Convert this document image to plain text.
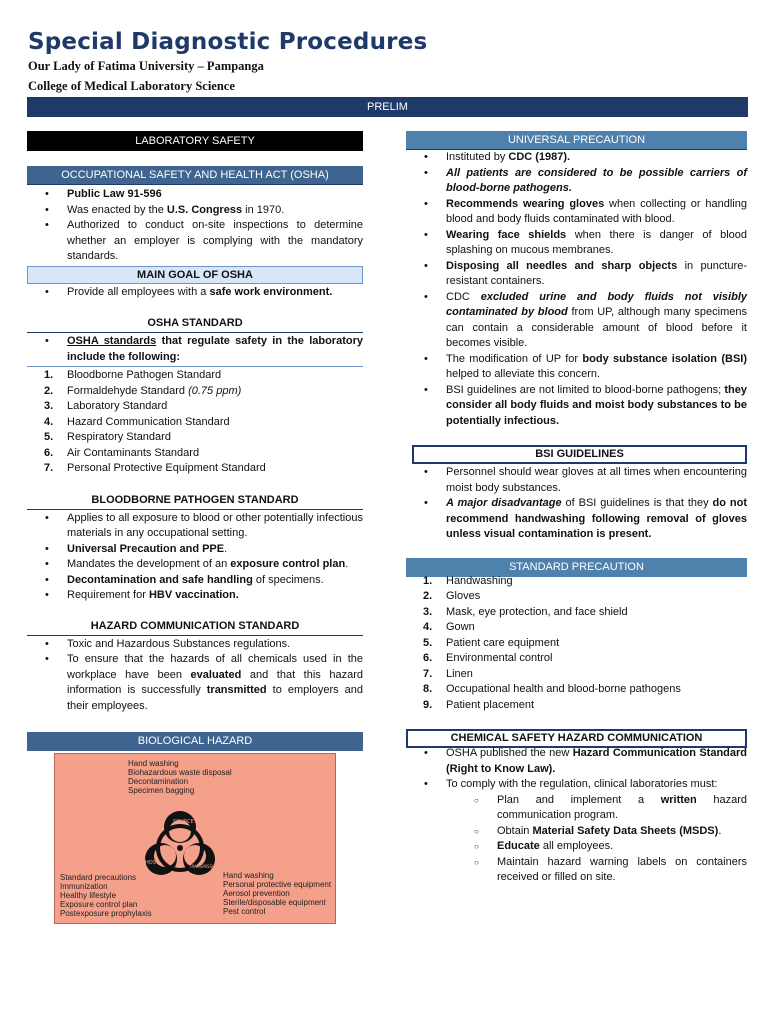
Special Diagnostic Procedures
Our Lady of Fatima University – Pampanga
College of Medical Laboratory Science
PRELIM
LABORATORY SAFETY
OCCUPATIONAL SAFETY AND HEALTH ACT (OSHA)
• Public Law 91-596
• Was enacted by the U.S. Congress in 1970.
• Authorized to conduct on-site inspections to determine whether an employer is complying with the mandatory standards.
MAIN GOAL OF OSHA
• Provide all employees with a safe work environment.
OSHA STANDARD
• OSHA standards that regulate safety in the laboratory include the following:
1. Bloodborne Pathogen Standard
2. Formaldehyde Standard (0.75 ppm)
3. Laboratory Standard
4. Hazard Communication Standard
5. Respiratory Standard
6. Air Contaminants Standard
7. Personal Protective Equipment Standard
BLOODBORNE PATHOGEN STANDARD
• Applies to all exposure to blood or other potentially infectious materials in any occupational setting.
• Universal Precaution and PPE.
• Mandates the development of an exposure control plan.
• Decontamination and safe handling of specimens.
• Requirement for HBV vaccination.
HAZARD COMMUNICATION STANDARD
• Toxic and Hazardous Substances regulations.
• To ensure that the hazards of all chemicals used in the workplace have been evaluated and that this hazard information is successfully transmitted to employers and their employees.
BIOLOGICAL HAZARD
Hand washing
Biohazardous waste disposal
Decontamination
Specimen bagging
Standard precautions
Immunization
Healthy lifestyle
Exposure control plan
Postexposure prophylaxis
Hand washing
Personal protective equipment
Aerosol prevention
Sterile/disposable equipment
Pest control
SOURCE
HOST
TRANSMISSION
UNIVERSAL PRECAUTION
• Instituted by CDC (1987).
• All patients are considered to be possible carriers of blood-borne pathogens.
• Recommends wearing gloves when collecting or handling blood and body fluids contaminated with blood.
• Wearing face shields when there is danger of blood splashing on mucous membranes.
• Disposing all needles and sharp objects in puncture-resistant containers.
• CDC excluded urine and body fluids not visibly contaminated by blood from UP, although many specimens can contain a considerable amount of blood before it becomes visible.
• The modification of UP for body substance isolation (BSI) helped to alleviate this concern.
• BSI guidelines are not limited to blood-borne pathogens; they consider all body fluids and moist body substances to be potentially infectious.
BSI GUIDELINES
• Personnel should wear gloves at all times when encountering moist body substances.
• A major disadvantage of BSI guidelines is that they do not recommend handwashing following removal of gloves unless visual contamination is present.
STANDARD PRECAUTION
1. Handwashing
2. Gloves
3. Mask, eye protection, and face shield
4. Gown
5. Patient care equipment
6. Environmental control
7. Linen
8. Occupational health and blood-borne pathogens
9. Patient placement
CHEMICAL SAFETY HAZARD COMMUNICATION
• OSHA published the new Hazard Communication Standard (Right to Know Law).
• To comply with the regulation, clinical laboratories must:
○ Plan and implement a written hazard communication program.
○ Obtain Material Safety Data Sheets (MSDS).
○ Educate all employees.
○ Maintain hazard warning labels on containers received or filled on site.
